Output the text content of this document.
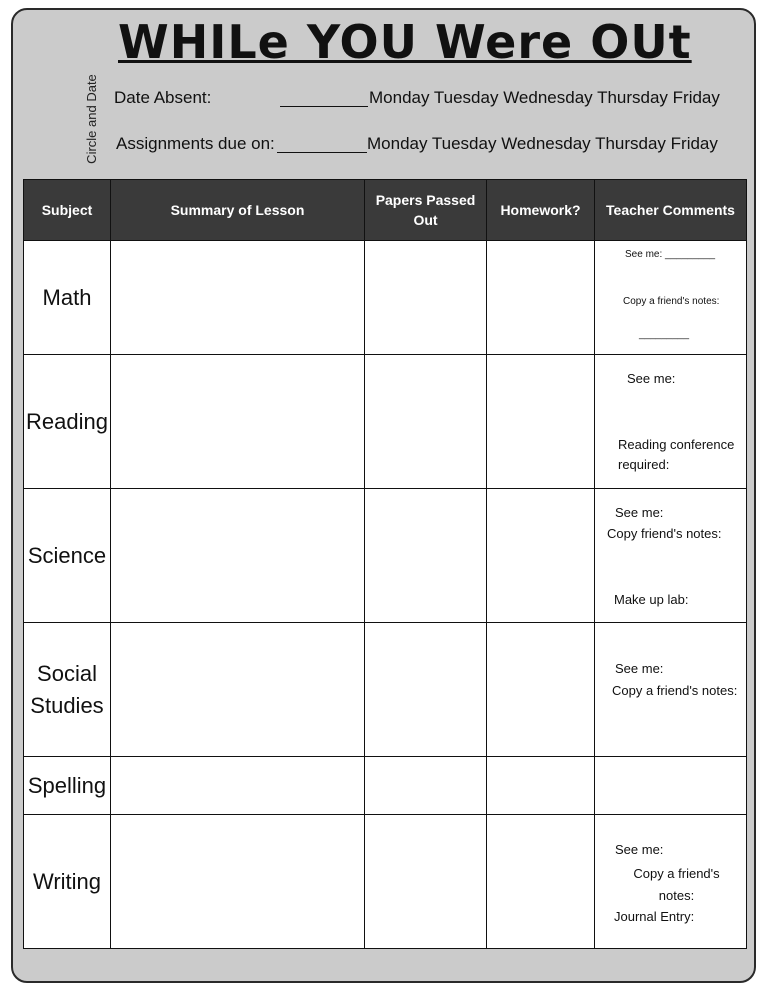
WHILe YOU Were OUt
Circle and Date Date Absent:	Monday Tuesday Wednesday Thursday Friday
Assignments due on:	Monday Tuesday Wednesday Thursday Friday
Subject	Summary of Lesson	Papers Passed Out	Homework?	Teacher Comments
Math				See me: _________
Copy a friend's notes:
_________

Reading				See me:
Reading conference required:

Science				See me:
Copy friend's notes:
Make up lab:

Social Studies				See me:
Copy a friend's notes:

Spelling				
Writing				See me:
Copy a friend's notes:
Journal Entry:
